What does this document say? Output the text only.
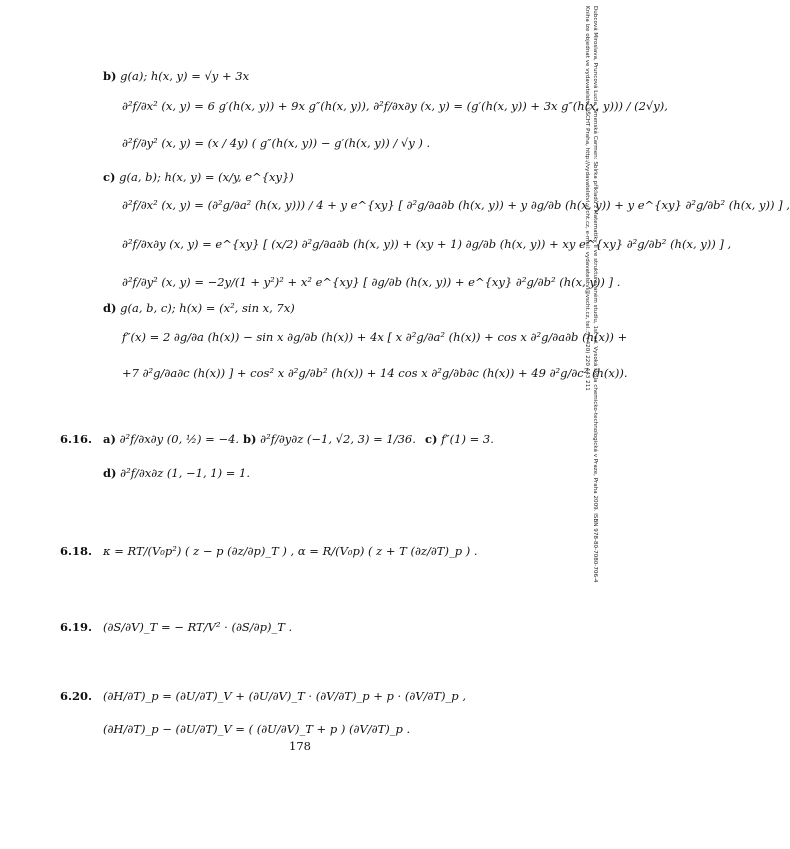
b) g(a); h(x, y) = √y + 3x
∂²f/∂x² (x, y) = 6 g′(h(x, y)) + 9x g″(h(x, y)), ∂²f/∂x∂y (x, y) = (g′(h(x, y)) + 3x g″(h(x, y))) / (2√y),
∂²f/∂y² (x, y) = (x / 4y) ( g″(h(x, y)) − g′(h(x, y)) / √y ) .
c) g(a, b); h(x, y) = (x/y, e^{xy})
∂²f/∂x² (x, y) = (∂²g/∂a² (h(x, y))) / 4 + y e^{xy} [ ∂²g/∂a∂b (h(x, y)) + y ∂g/∂b (h(x, y)) + y e^{xy} ∂²g/∂b² (h(x, y)) ] ,
∂²f/∂x∂y (x, y) = e^{xy} [ (x/2) ∂²g/∂a∂b (h(x, y)) + (xy + 1) ∂g/∂b (h(x, y)) + xy e^{xy} ∂²g/∂b² (h(x, y)) ] ,
∂²f/∂y² (x, y) = −2y/(1 + y²)² + x² e^{xy} [ ∂g/∂b (h(x, y)) + e^{xy} ∂²g/∂b² (h(x, y)) ] .
d) g(a, b, c); h(x) = (x², sin x, 7x)
f″(x) = 2 ∂g/∂a (h(x)) − sin x ∂g/∂b (h(x)) + 4x [ x ∂²g/∂a² (h(x)) + cos x ∂²g/∂a∂b (h(x)) +
+7 ∂²g/∂a∂c (h(x)) ] + cos² x ∂²g/∂b² (h(x)) + 14 cos x ∂²g/∂b∂c (h(x)) + 49 ∂²g/∂c² (h(x)).
6.16. a) ∂²f/∂x∂y (0, ½) = −4. b) ∂²f/∂y∂z (−1, √2, 3) = 1/36. c) f″(1) = 3.
d) ∂²f/∂x∂z (1, −1, 1) = 1.
6.18. κ = RT/(V₀p²) ( z − p (∂z/∂p)_T ) , α = R/(V₀p) ( z + T (∂z/∂T)_p ) .
6.19. (∂S/∂V)_T = − RT/V² · (∂S/∂p)_T .
6.20. (∂H/∂T)_p = (∂U/∂T)_V + (∂U/∂V)_T · (∂V/∂T)_p + p · (∂V/∂T)_p ,
(∂H/∂T)_p − (∂U/∂T)_V = ( (∂U/∂V)_T + p ) (∂V/∂T)_p .
178
Dubcová Miroslava, Pruncová Lucie, Smenská Carmen: Sbírka příkladů z Matematiky II ve strukturovaném studiu, 1st ed. Vysoká škola chemicko-technologická v Praze, Praha 2009. ISBN 978-80-7080-706-4
Kniha lze objednat ve vydavatelství VŠCHT Praha, http://vydavatelstvi.vscht.cz, e-mail: vydavatelstvi@vscht.cz, tel.: (+420) 220 443 211
